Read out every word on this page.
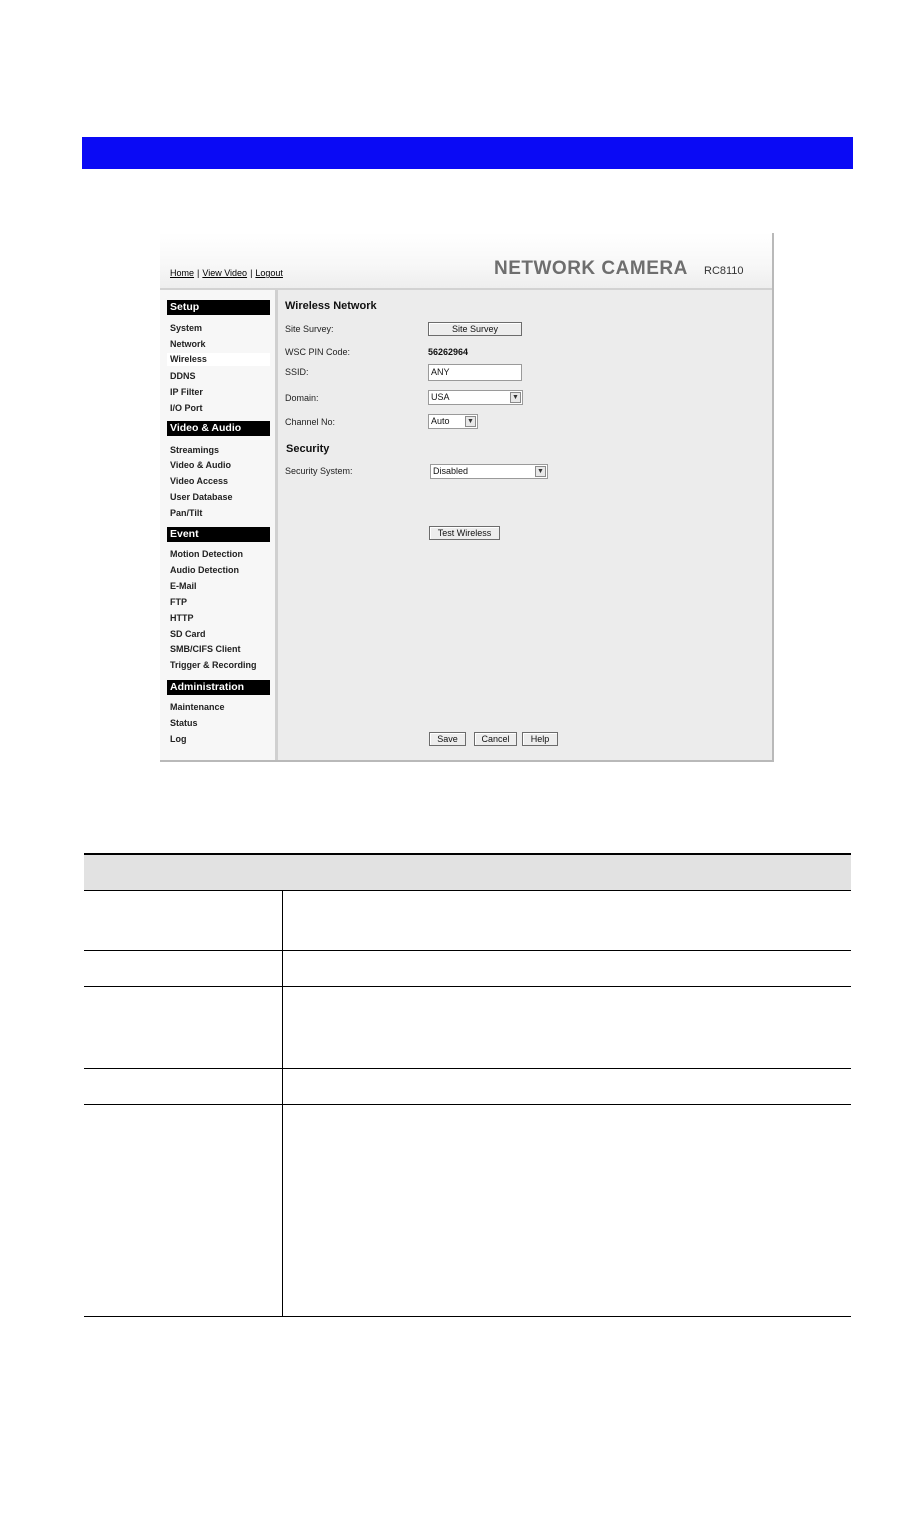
Home | View Video | Logout	NETWORK CAMERA RC8110
Setup
System
Network
Wireless
DDNS
IP Filter
I/O Port
Video & Audio
Streamings
Video & Audio
Video Access
User Database
Pan/Tilt
Event
Motion Detection
Audio Detection
E-Mail
FTP
HTTP
SD Card
SMB/CIFS Client
Trigger & Recording
Administration
Maintenance
Status
Log
Wireless Network
Site Survey:	Site Survey
WSC PIN Code:	56262964
SSID:	ANY
Domain:	USA	▼
Channel No:	Auto	▼
Security
Security System:	Disabled	▼
Test Wireless
Save	Cancel	Help
